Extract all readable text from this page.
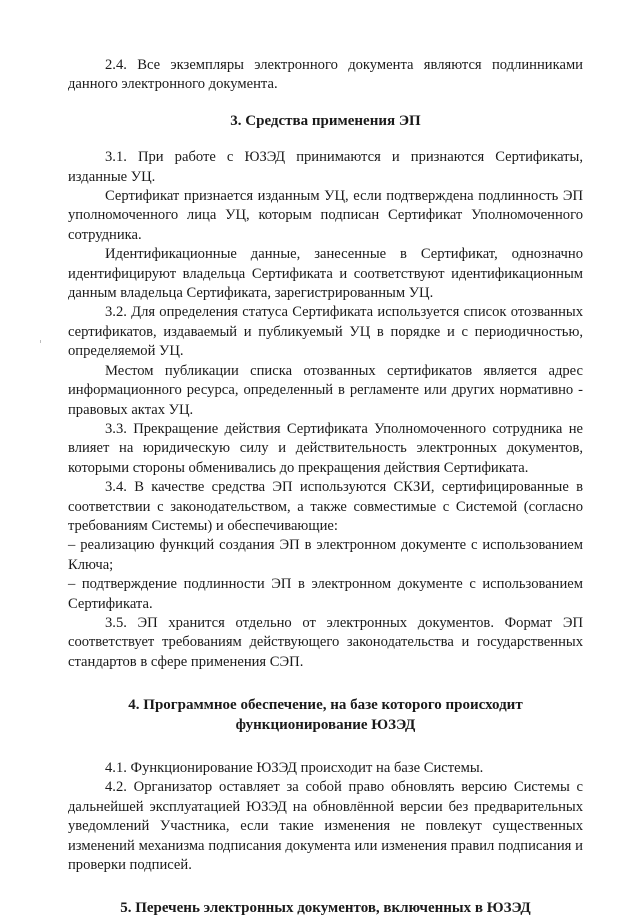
2.4. Все экземпляры электронного документа являются подлинниками данного электронного документа.

3. Средства применения ЭП

3.1. При работе с ЮЗЭД принимаются и признаются Сертификаты, изданные УЦ.

Сертификат признается изданным УЦ, если подтверждена подлинность ЭП уполномоченного лица УЦ, которым подписан Сертификат Уполномоченного сотрудника.

Идентификационные данные, занесенные в Сертификат, однозначно идентифицируют владельца Сертификата и соответствуют идентификационным данным владельца Сертификата, зарегистрированным УЦ.

3.2. Для определения статуса Сертификата используется список отозванных сертификатов, издаваемый и публикуемый УЦ в порядке и с периодичностью, определяемой УЦ.

Местом публикации списка отозванных сертификатов является адрес информационного ресурса, определенный в регламенте или других нормативно - правовых актах УЦ.

3.3. Прекращение действия Сертификата Уполномоченного сотрудника не влияет на юридическую силу и действительность электронных документов, которыми стороны обменивались до прекращения действия Сертификата.

3.4. В качестве средства ЭП используются СКЗИ, сертифицированные в соответствии с законодательством, а также совместимые с Системой (согласно требованиям Системы) и обеспечивающие:

– реализацию функций создания ЭП в электронном документе с использованием Ключа;

– подтверждение подлинности ЭП в электронном документе с использованием Сертификата.

3.5. ЭП хранится отдельно от электронных документов. Формат ЭП соответствует требованиям действующего законодательства и государственных стандартов в сфере применения СЭП.

4. Программное обеспечение, на базе которого происходит
функционирование ЮЗЭД

4.1. Функционирование ЮЗЭД происходит на базе Системы.

4.2. Организатор оставляет за собой право обновлять версию Системы с дальнейшей эксплуатацией ЮЗЭД на обновлённой версии без предварительных уведомлений Участника, если такие изменения не повлекут существенных изменений механизма подписания документа или изменения правил подписания и проверки подписей.

5. Перечень электронных документов, включенных в ЮЗЭД
